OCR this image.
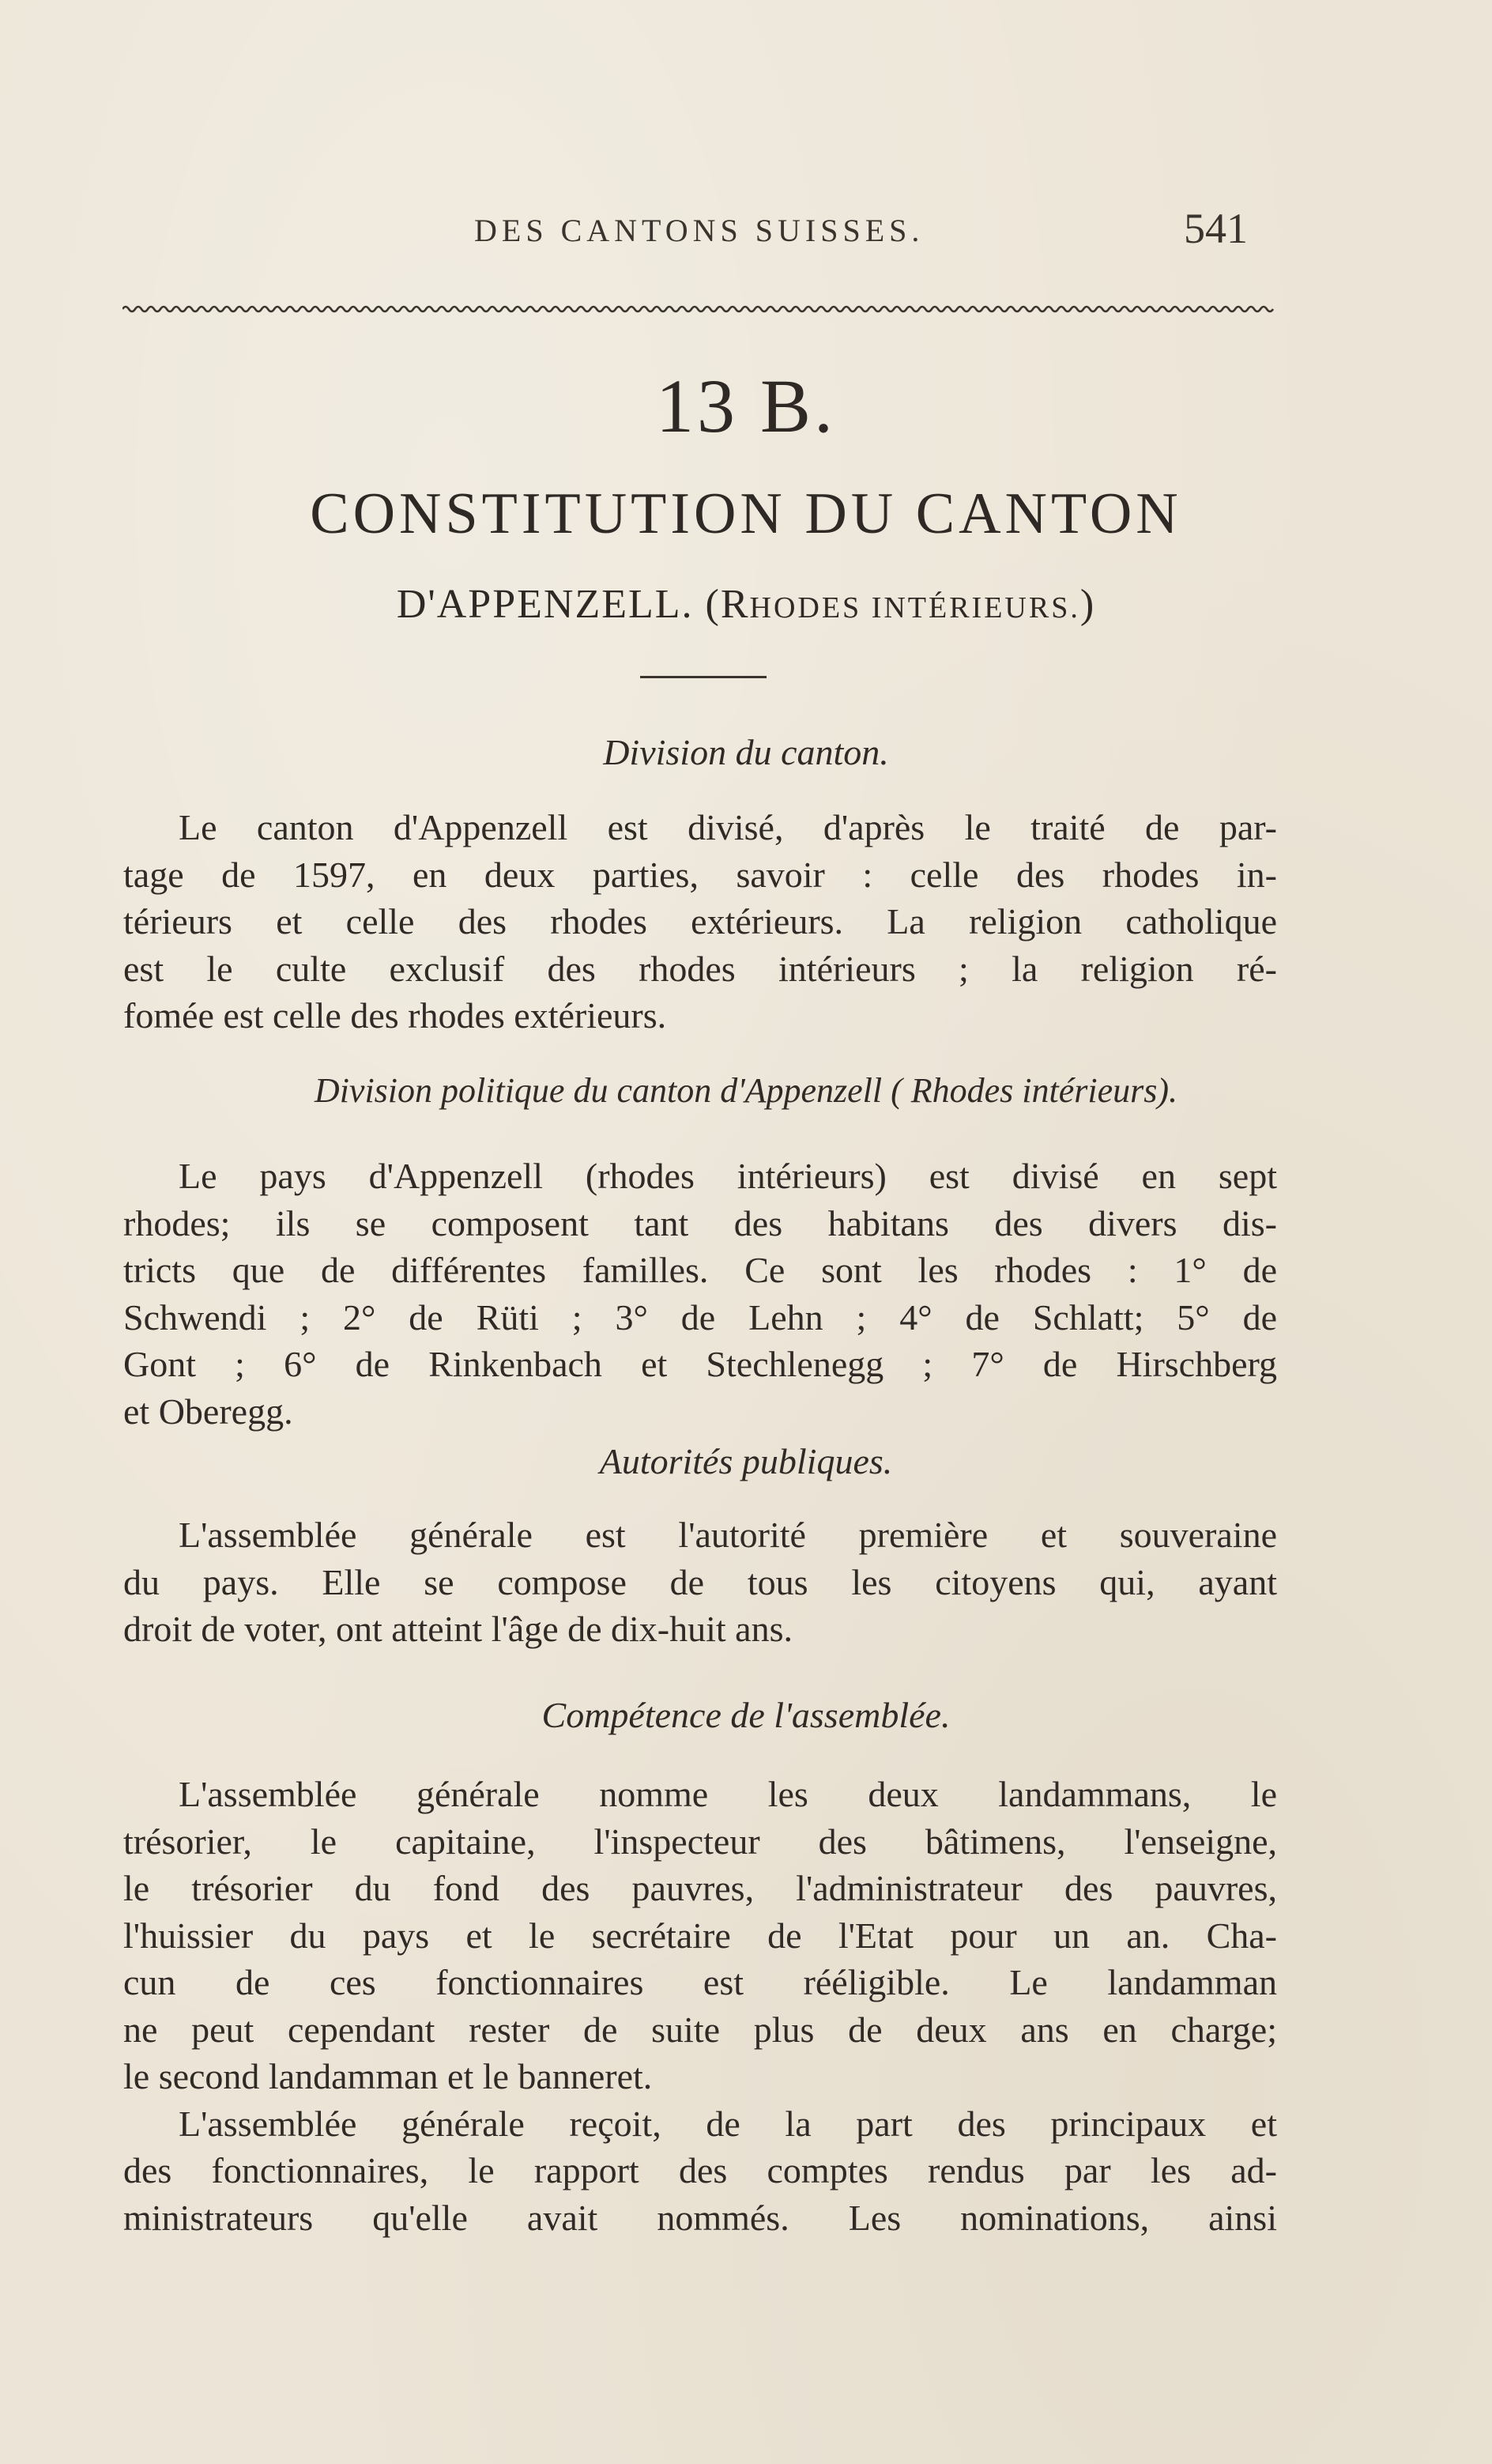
DES CANTONS SUISSES.	541
13 B.
CONSTITUTION DU CANTON
D'APPENZELL. (RHODES INTÉRIEURS.)
Division du canton.
Le canton d'Appenzell est divisé, d'après le traité de par-
tage de 1597, en deux parties, savoir : celle des rhodes in-
térieurs et celle des rhodes extérieurs. La religion catholique
est le culte exclusif des rhodes intérieurs ; la religion ré-
fomée est celle des rhodes extérieurs.
Division politique du canton d'Appenzell ( Rhodes intérieurs).
Le pays d'Appenzell (rhodes intérieurs) est divisé en sept
rhodes; ils se composent tant des habitans des divers dis-
tricts que de différentes familles. Ce sont les rhodes : 1° de
Schwendi ; 2° de Rüti ; 3° de Lehn ; 4° de Schlatt; 5° de
Gont ; 6° de Rinkenbach et Stechlenegg ; 7° de Hirschberg
et Oberegg.
Autorités publiques.
L'assemblée générale est l'autorité première et souveraine
du pays. Elle se compose de tous les citoyens qui, ayant
droit de voter, ont atteint l'âge de dix-huit ans.
Compétence de l'assemblée.
L'assemblée générale nomme les deux landammans, le
trésorier, le capitaine, l'inspecteur des bâtimens, l'enseigne,
le trésorier du fond des pauvres, l'administrateur des pauvres,
l'huissier du pays et le secrétaire de l'Etat pour un an. Cha-
cun de ces fonctionnaires est rééligible. Le landamman
ne peut cependant rester de suite plus de deux ans en charge;
le second landamman et le banneret.
L'assemblée générale reçoit, de la part des principaux et
des fonctionnaires, le rapport des comptes rendus par les ad-
ministrateurs qu'elle avait nommés. Les nominations, ainsi
